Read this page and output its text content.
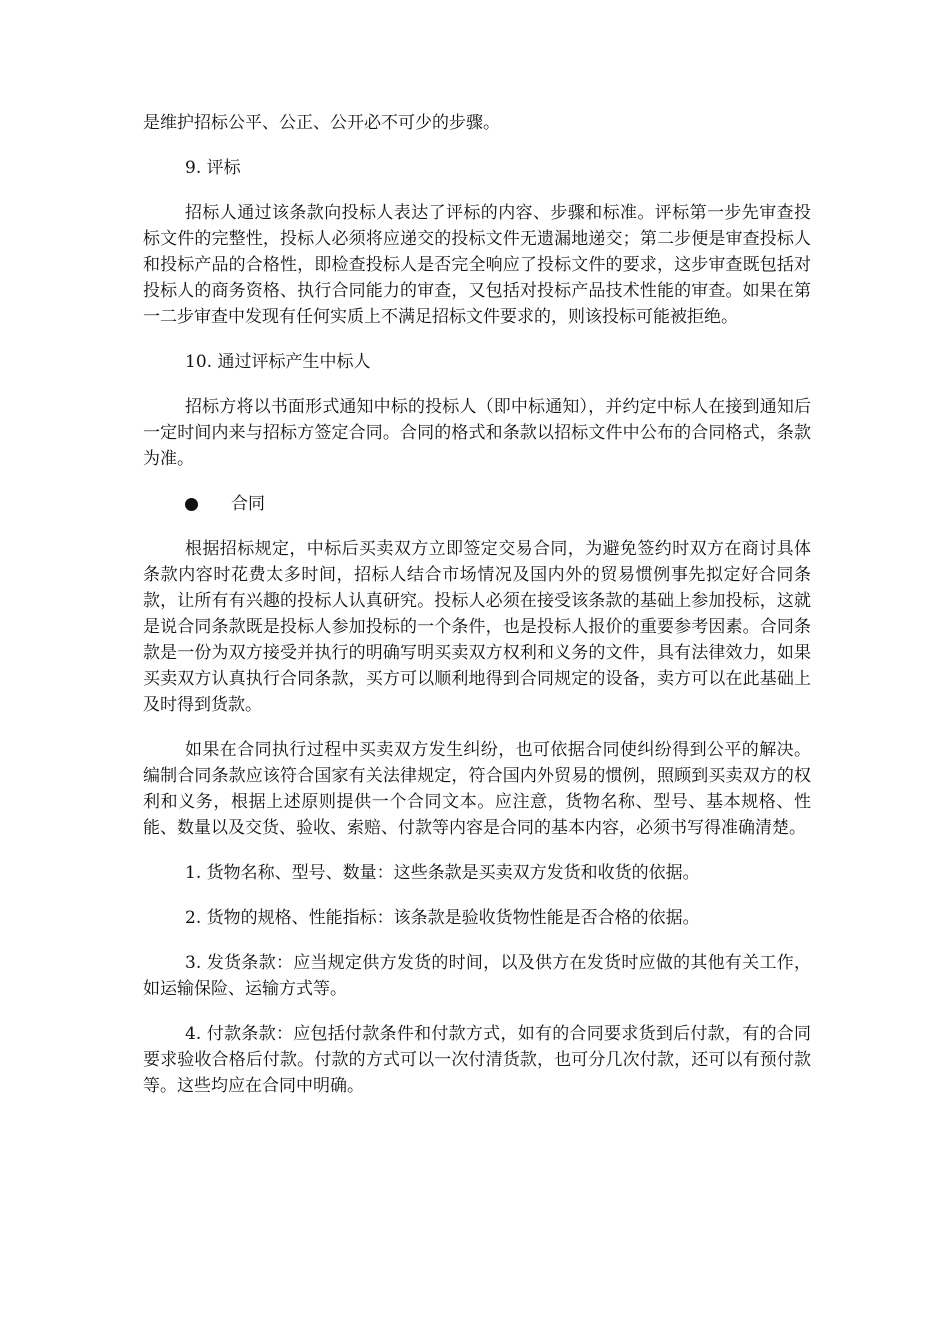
是维护招标公平、公正、公开必不可少的步骤。

9. 评标

招标人通过该条款向投标人表达了评标的内容、步骤和标准。评标第一步先审查投标文件的完整性，投标人必须将应递交的投标文件无遗漏地递交；第二步便是审查投标人和投标产品的合格性，即检查投标人是否完全响应了投标文件的要求，这步审查既包括对投标人的商务资格、执行合同能力的审查，又包括对投标产品技术性能的审查。如果在第一二步审查中发现有任何实质上不满足招标文件要求的，则该投标可能被拒绝。

10. 通过评标产生中标人

招标方将以书面形式通知中标的投标人（即中标通知），并约定中标人在接到通知后一定时间内来与招标方签定合同。合同的格式和条款以招标文件中公布的合同格式，条款为准。

合同

根据招标规定，中标后买卖双方立即签定交易合同，为避免签约时双方在商讨具体条款内容时花费太多时间，招标人结合市场情况及国内外的贸易惯例事先拟定好合同条款，让所有有兴趣的投标人认真研究。投标人必须在接受该条款的基础上参加投标，这就是说合同条款既是投标人参加投标的一个条件，也是投标人报价的重要参考因素。合同条款是一份为双方接受并执行的明确写明买卖双方权利和义务的文件，具有法律效力，如果买卖双方认真执行合同条款，买方可以顺利地得到合同规定的设备，卖方可以在此基础上及时得到货款。

如果在合同执行过程中买卖双方发生纠纷，也可依据合同使纠纷得到公平的解决。编制合同条款应该符合国家有关法律规定，符合国内外贸易的惯例，照顾到买卖双方的权利和义务，根据上述原则提供一个合同文本。应注意，货物名称、型号、基本规格、性能、数量以及交货、验收、索赔、付款等内容是合同的基本内容，必须书写得准确清楚。

1. 货物名称、型号、数量：这些条款是买卖双方发货和收货的依据。

2. 货物的规格、性能指标：该条款是验收货物性能是否合格的依据。

3. 发货条款：应当规定供方发货的时间，以及供方在发货时应做的其他有关工作，如运输保险、运输方式等。

4. 付款条款：应包括付款条件和付款方式，如有的合同要求货到后付款，有的合同要求验收合格后付款。付款的方式可以一次付清货款，也可分几次付款，还可以有预付款等。这些均应在合同中明确。
